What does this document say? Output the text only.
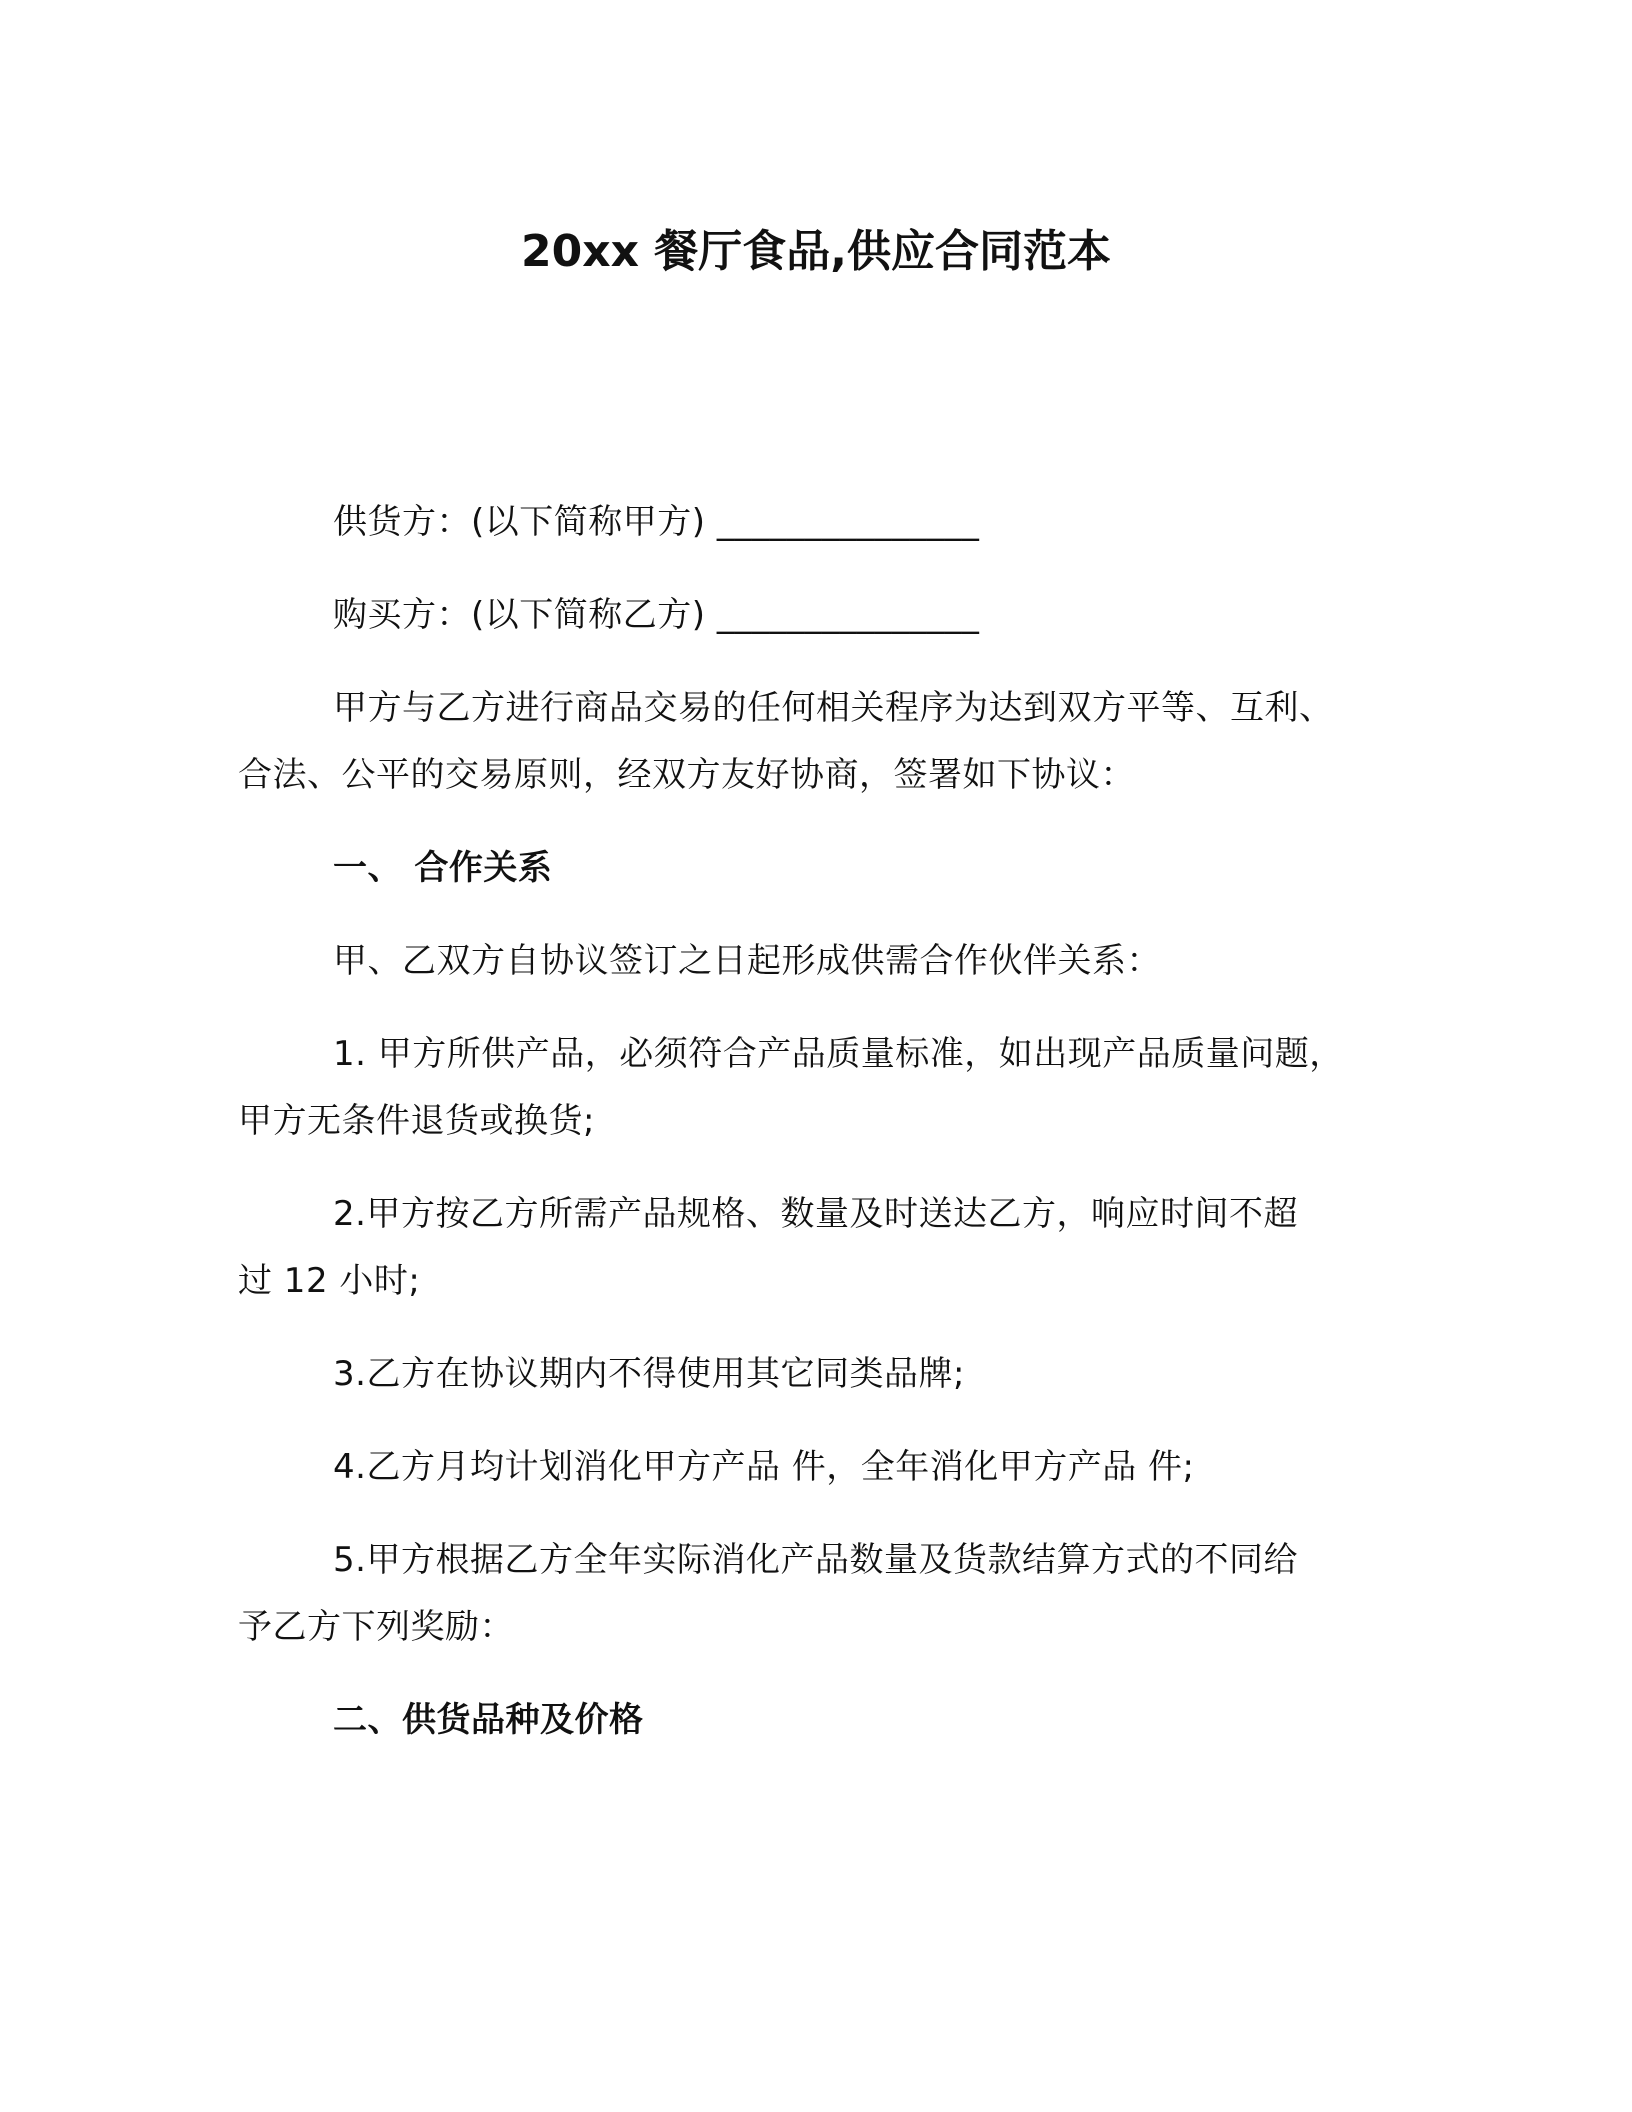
20xx 餐厅食品,供应合同范本
供货方：(以下简称甲方) _______________
购买方：(以下简称乙方) _______________
甲方与乙方进行商品交易的任何相关程序为达到双方平等、互利、
合法、公平的交易原则，经双方友好协商，签署如下协议：
一、 合作关系
甲、乙双方自协议签订之日起形成供需合作伙伴关系：
1. 甲方所供产品，必须符合产品质量标准，如出现产品质量问题，
甲方无条件退货或换货;
2.甲方按乙方所需产品规格、数量及时送达乙方，响应时间不超
过 12 小时;
3.乙方在协议期内不得使用其它同类品牌;
4.乙方月均计划消化甲方产品 件，全年消化甲方产品 件;
5.甲方根据乙方全年实际消化产品数量及货款结算方式的不同给
予乙方下列奖励：
二、供货品种及价格
